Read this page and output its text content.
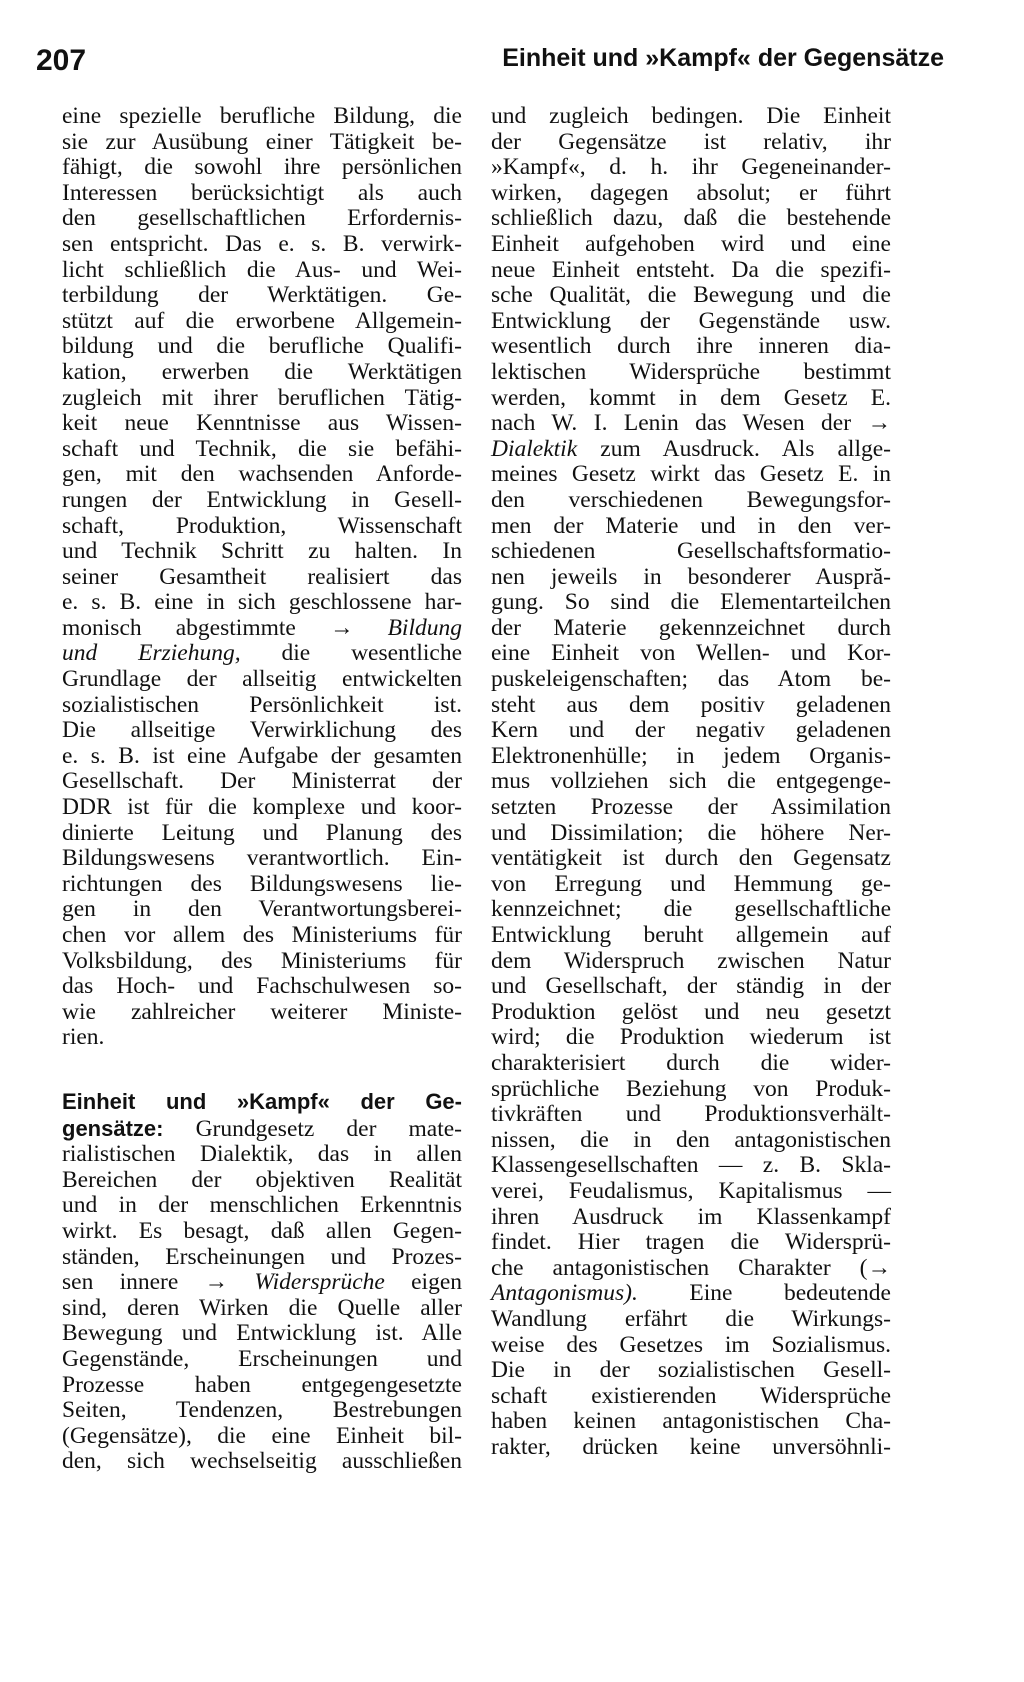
207	Einheit und »Kampf« der Gegensätze

eine spezielle berufliche Bildung, die
sie zur Ausübung einer Tätigkeit be-
fähigt, die sowohl ihre persönlichen
Interessen berücksichtigt als auch
den gesellschaftlichen Erfordernis-
sen entspricht. Das e. s. B. verwirk-
licht schließlich die Aus- und Wei-
terbildung der Werktätigen. Ge-
stützt auf die erworbene Allgemein-
bildung und die berufliche Qualifi-
kation, erwerben die Werktätigen
zugleich mit ihrer beruflichen Tätig-
keit neue Kenntnisse aus Wissen-
schaft und Technik, die sie befähi-
gen, mit den wachsenden Anforde-
rungen der Entwicklung in Gesell-
schaft, Produktion, Wissenschaft
und Technik Schritt zu halten. In
seiner Gesamtheit realisiert das
e. s. B. eine in sich geschlossene har-
monisch abgestimmte → Bildung
und Erziehung, die wesentliche
Grundlage der allseitig entwickelten
sozialistischen Persönlichkeit ist.
Die allseitige Verwirklichung des
e. s. B. ist eine Aufgabe der gesamten
Gesellschaft. Der Ministerrat der
DDR ist für die komplexe und koor-
dinierte Leitung und Planung des
Bildungswesens verantwortlich. Ein-
richtungen des Bildungswesens lie-
gen in den Verantwortungsberei-
chen vor allem des Ministeriums für
Volksbildung, des Ministeriums für
das Hoch- und Fachschulwesen so-
wie zahlreicher weiterer Ministe-
rien.

Einheit und »Kampf« der Ge-
gensätze: Grundgesetz der mate-
rialistischen Dialektik, das in allen
Bereichen der objektiven Realität
und in der menschlichen Erkenntnis
wirkt. Es besagt, daß allen Gegen-
ständen, Erscheinungen und Prozes-
sen innere → Widersprüche eigen
sind, deren Wirken die Quelle aller
Bewegung und Entwicklung ist. Alle
Gegenstände, Erscheinungen und
Prozesse haben entgegengesetzte
Seiten, Tendenzen, Bestrebungen
(Gegensätze), die eine Einheit bil-
den, sich wechselseitig ausschließen

und zugleich bedingen. Die Einheit
der Gegensätze ist relativ, ihr
»Kampf«, d. h. ihr Gegeneinander-
wirken, dagegen absolut; er führt
schließlich dazu, daß die bestehende
Einheit aufgehoben wird und eine
neue Einheit entsteht. Da die spezifi-
sche Qualität, die Bewegung und die
Entwicklung der Gegenstände usw.
wesentlich durch ihre inneren dia-
lektischen Widersprüche bestimmt
werden, kommt in dem Gesetz E.
nach W. I. Lenin das Wesen der →
Dialektik zum Ausdruck. Als allge-
meines Gesetz wirkt das Gesetz E. in
den verschiedenen Bewegungsfor-
men der Materie und in den ver-
schiedenen Gesellschaftsformatio-
nen jeweils in besonderer Auspră-
gung. So sind die Elementarteilchen
der Materie gekennzeichnet durch
eine Einheit von Wellen- und Kor-
puskeleigenschaften; das Atom be-
steht aus dem positiv geladenen
Kern und der negativ geladenen
Elektronenhülle; in jedem Organis-
mus vollziehen sich die entgegenge-
setzten Prozesse der Assimilation
und Dissimilation; die höhere Ner-
ventätigkeit ist durch den Gegensatz
von Erregung und Hemmung ge-
kennzeichnet; die gesellschaftliche
Entwicklung beruht allgemein auf
dem Widerspruch zwischen Natur
und Gesellschaft, der ständig in der
Produktion gelöst und neu gesetzt
wird; die Produktion wiederum ist
charakterisiert durch die wider-
sprüchliche Beziehung von Produk-
tivkräften und Produktionsverhält-
nissen, die in den antagonistischen
Klassengesellschaften — z. B. Skla-
verei, Feudalismus, Kapitalismus —
ihren Ausdruck im Klassenkampf
findet. Hier tragen die Widersprü-
che antagonistischen Charakter (→
Antagonismus). Eine bedeutende
Wandlung erfährt die Wirkungs-
weise des Gesetzes im Sozialismus.
Die in der sozialistischen Gesell-
schaft existierenden Widersprüche
haben keinen antagonistischen Cha-
rakter, drücken keine unversöhnli-
